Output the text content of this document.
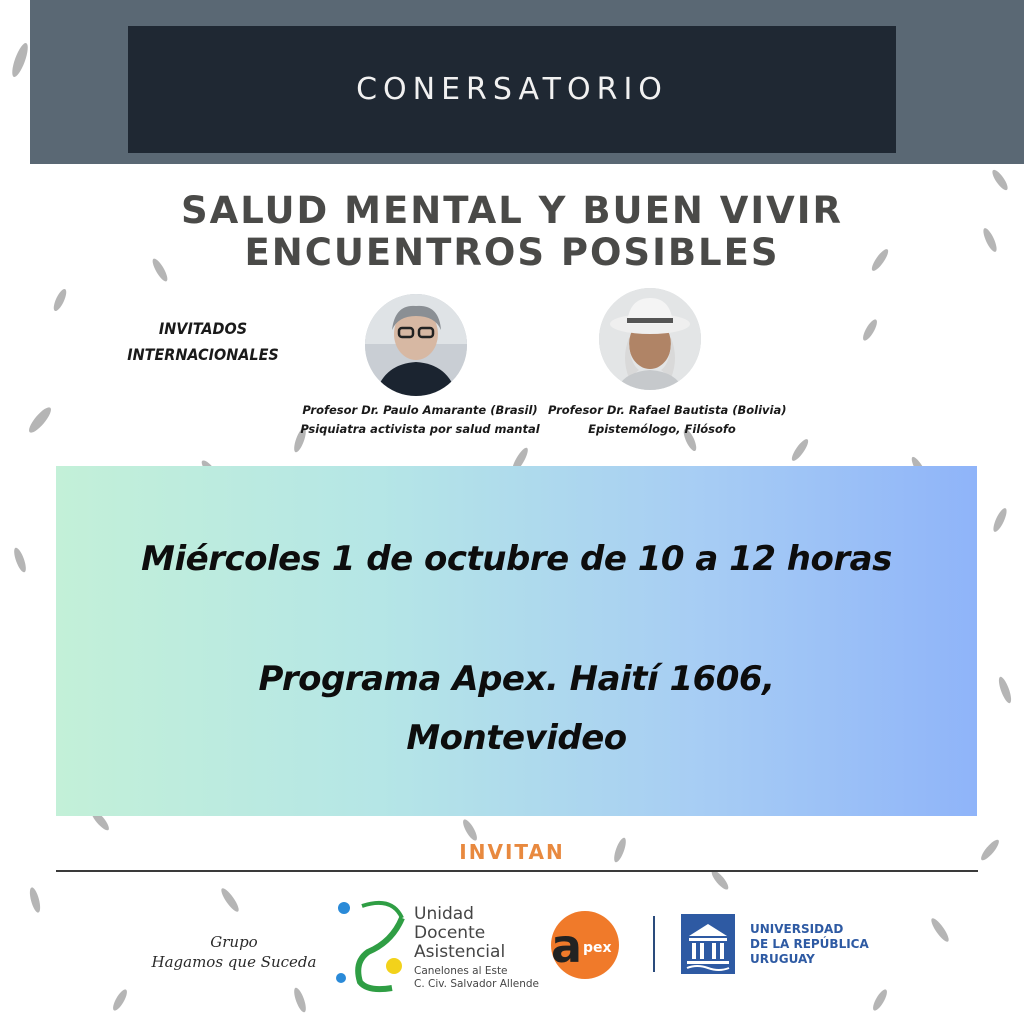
CONERSATORIO
SALUD MENTAL Y BUEN VIVIR
ENCUENTROS POSIBLES
INVITADOS
INTERNACIONALES
Profesor Dr. Paulo Amarante (Brasil)
Psiquiatra activista por salud mantal
Profesor Dr. Rafael Bautista (Bolivia)
Epistemólogo, Filósofo
Miércoles 1 de octubre de 10 a 12 horas
Programa Apex. Haití 1606,
Montevideo
INVITAN
Grupo
Hagamos que Suceda
Unidad
Docente
Asistencial
Canelones al Este
C. Civ. Salvador Allende
a pex
UNIVERSIDAD
DE LA REPÚBLICA
URUGUAY
